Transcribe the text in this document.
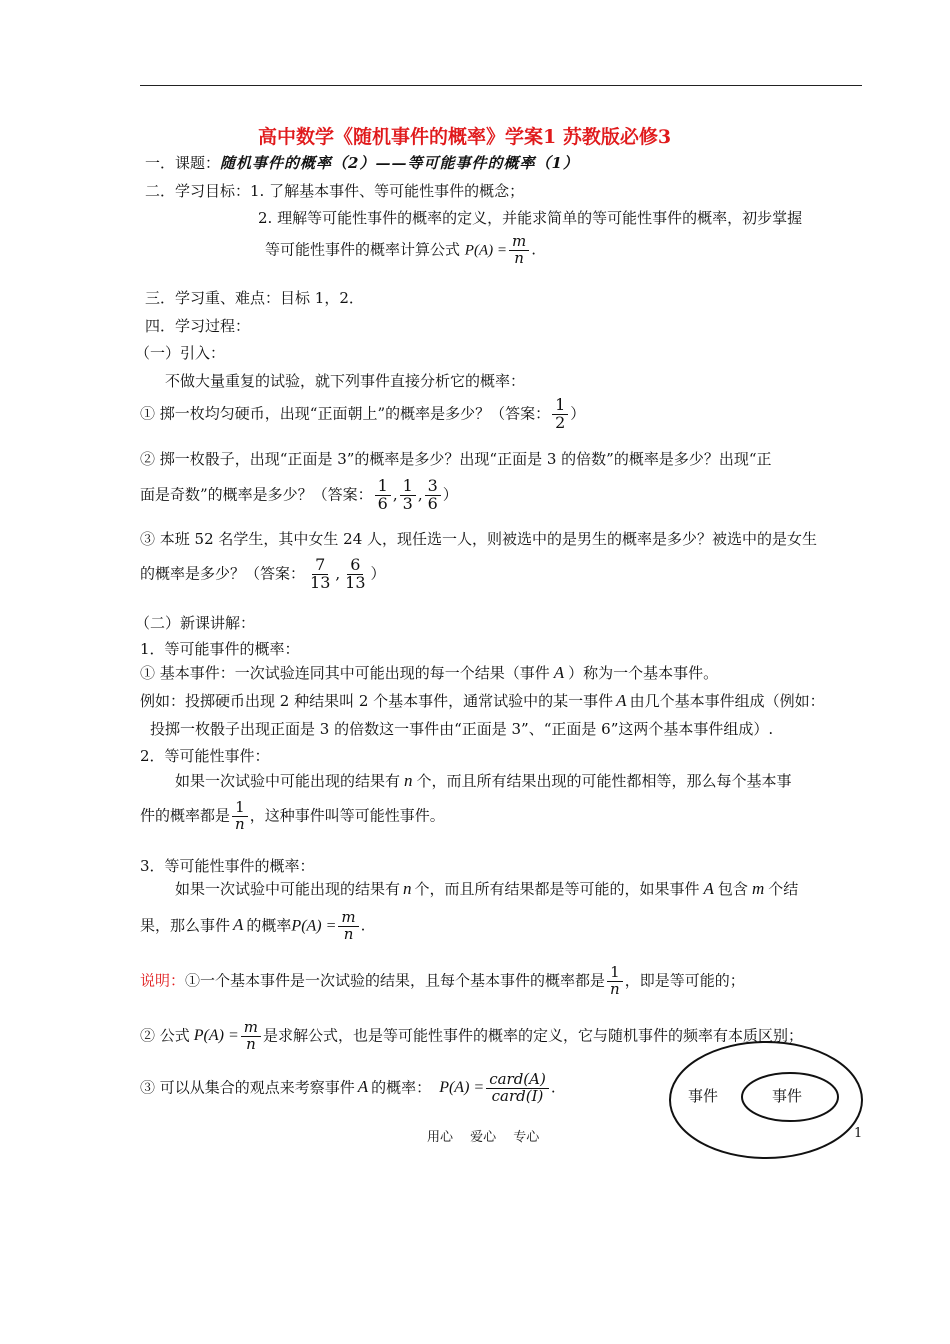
高中数学《随机事件的概率》学案1 苏教版必修3
一．课题：随机事件的概率（2）——等可能事件的概率（1）
二．学习目标：1. 了解基本事件、等可能性事件的概念；
2. 理解等可能性事件的概率的定义，并能求简单的等可能性事件的概率，初步掌握
等可能性事件的概率计算公式 $P(A) = \frac{m}{n}$ .
三．学习重、难点：目标 1，2．
四．学习过程：
（一）引入：
不做大量重复的试验，就下列事件直接分析它的概率：
① 掷一枚均匀硬币，出现“正面朝上”的概率是多少？（答案： $\frac{1}{2}$ ）
② 掷一枚骰子，出现“正面是 3”的概率是多少？出现“正面是 3 的倍数”的概率是多少？出现“正
面是奇数”的概率是多少？（答案： $\frac{1}{6}$ , $\frac{1}{3}$ , $\frac{3}{6}$ ）
③ 本班 52 名学生，其中女生 24 人，现任选一人，则被选中的是男生的概率是多少？被选中的是女生
的概率是多少？（答案： $\frac{7}{13}$ , $\frac{6}{13}$ ）
（二）新课讲解：
1．等可能事件的概率：
① 基本事件：一次试验连同其中可能出现的每一个结果（事件 A ）称为一个基本事件。
例如：投掷硬币出现 2 种结果叫 2 个基本事件，通常试验中的某一事件 A 由几个基本事件组成（例如：
投掷一枚骰子出现正面是 3 的倍数这一事件由“正面是 3”、“正面是 6”这两个基本事件组成）.
2．等可能性事件：
如果一次试验中可能出现的结果有 n 个，而且所有结果出现的可能性都相等，那么每个基本事
件的概率都是 $\frac{1}{n}$ ，这种事件叫等可能性事件。
3．等可能性事件的概率：
如果一次试验中可能出现的结果有 n 个，而且所有结果都是等可能的，如果事件 A 包含 m 个结
果，那么事件 A 的概率$P(A) = \frac{m}{n}$ .
说明：①一个基本事件是一次试验的结果，且每个基本事件的概率都是 $\frac{1}{n}$ ，即是等可能的；
② 公式 $P(A) = \frac{m}{n}$ 是求解公式，也是等可能性事件的概率的定义，它与随机事件的频率有本质区别；
③ 可以从集合的观点来考察事件 A 的概率： $P(A) = \frac{\text{card(A)}}{\text{card(I)}}$ .	事件	事件
用心　 爱心　 专心	1
